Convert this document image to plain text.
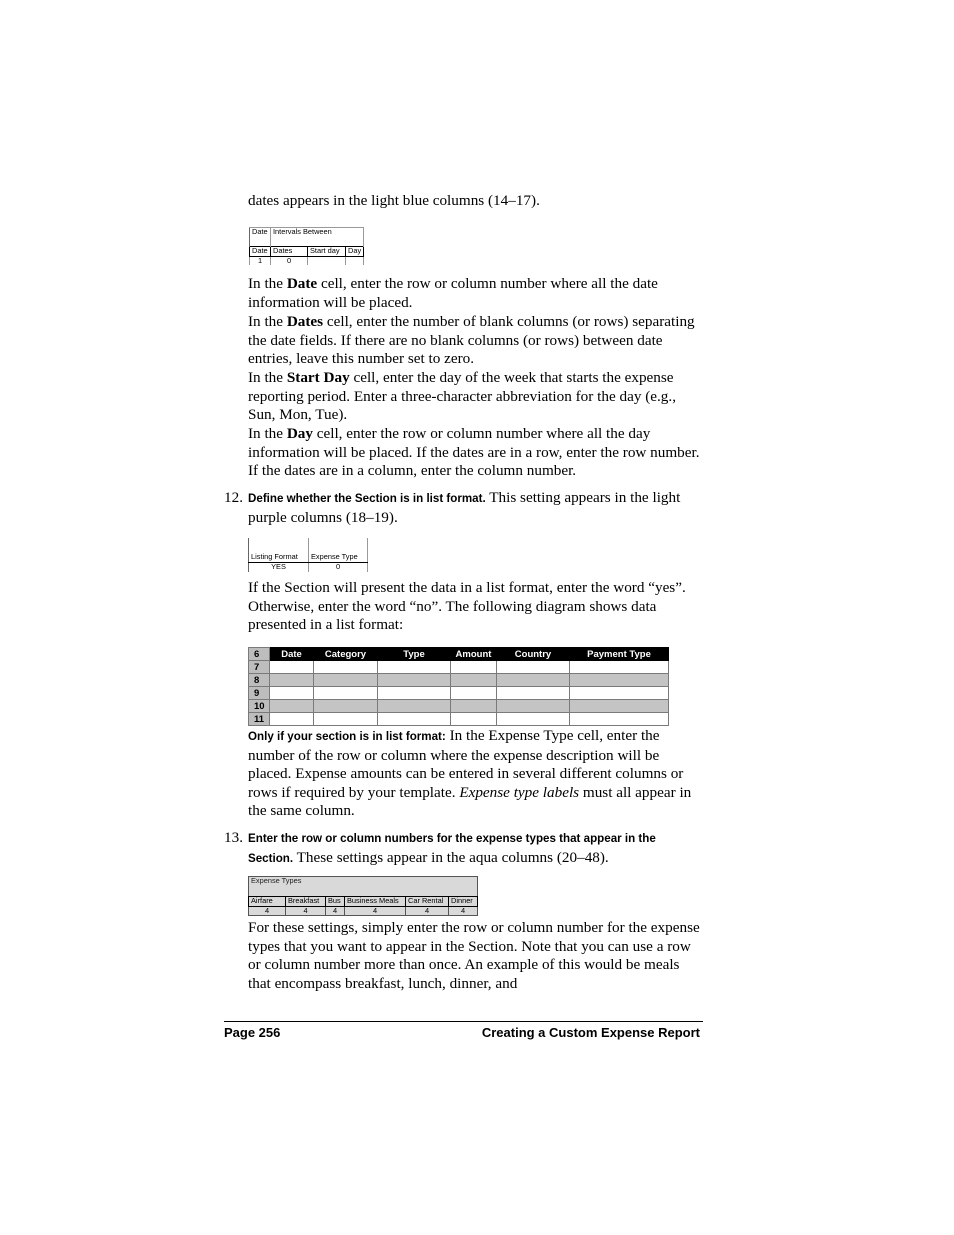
dates appears in the light blue columns (14–17).
Date	Intervals Between		
Date	Dates	Start day	Day
1	0		
In the Date cell, enter the row or column number where all the date information will be placed.
In the Dates cell, enter the number of blank columns (or rows) separating the date fields. If there are no blank columns (or rows) between date entries, leave this number set to zero.
In the Start Day cell, enter the day of the week that starts the expense reporting period. Enter a three-character abbreviation for the day (e.g., Sun, Mon, Tue).
In the Day cell, enter the row or column number where all the day information will be placed. If the dates are in a row, enter the row number. If the dates are in a column, enter the column number.
12. Define whether the Section is in list format. This setting appears in the light purple columns (18–19).

Listing Format	Expense Type
YES	0
If the Section will present the data in a list format, enter the word “yes”. Otherwise, enter the word “no”. The following diagram shows data presented in a list format:
6	Date	Category	Type	Amount	Country	Payment Type
7						
8						
9						
10						
11						
Only if your section is in list format: In the Expense Type cell, enter the number of the row or column where the expense description will be placed. Expense amounts can be entered in several different columns or rows if required by your template. Expense type labels must all appear in the same column.
13. Enter the row or column numbers for the expense types that appear in the Section. These settings appear in the aqua columns (20–48).
Expense Types					
Airfare	Breakfast	Bus	Business Meals	Car Rental	Dinner
4	4	4	4	4	4
For these settings, simply enter the row or column number for the expense types that you want to appear in the Section. Note that you can use a row or column number more than once. An example of this would be meals that encompass breakfast, lunch, dinner, and
Page 256	Creating a Custom Expense Report
